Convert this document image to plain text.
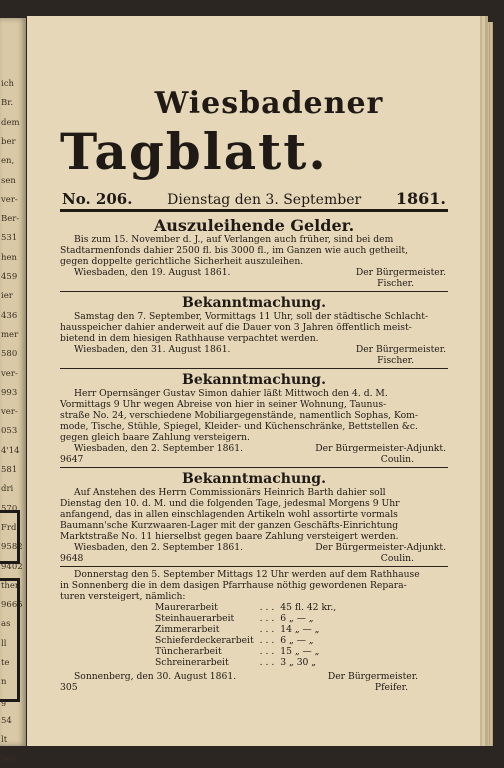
ich
Br.
dem
ber
en,
sen
ver-
Ber-
531
hen
459
ier
436
mer
580
ver-
993
ver-
053
4'14
581
dri
570
Frd
9582
9402
then
9665
as
ll
te
n
g
54
lt
966
Wiesbadener
Tagblatt.
No. 206. Dienstag den 3. September 1861.
Auszuleihende Gelder.
Bis zum 15. November d. J., auf Verlangen auch früher, sind bei dem
Stadtarmenfonds dahier 2500 fl. bis 3000 fl., im Ganzen wie auch getheilt,
gegen doppelte gerichtliche Sicherheit auszuleihen.
Wiesbaden, den 19. August 1861.	Der Bürgermeister.
Fischer.
Bekanntmachung.
Samstag den 7. September, Vormittags 11 Uhr, soll der städtische Schlacht-
hausspeicher dahier anderweit auf die Dauer von 3 Jahren öffentlich meist-
bietend in dem hiesigen Rathhause verpachtet werden.
Wiesbaden, den 31. August 1861.	Der Bürgermeister.
Fischer.
Bekanntmachung.
Herr Opernsänger Gustav Simon dahier läßt Mittwoch den 4. d. M.
Vormittags 9 Uhr wegen Abreise von hier in seiner Wohnung, Taunus-
straße No. 24, verschiedene Mobiliargegenstände, namentlich Sophas, Kom-
mode, Tische, Stühle, Spiegel, Kleider- und Küchenschränke, Bettstellen &c.
gegen gleich baare Zahlung versteigern.
Wiesbaden, den 2. September 1861.	Der Bürgermeister-Adjunkt.
9647	Coulin.
Bekanntmachung.
Auf Anstehen des Herrn Commissionärs Heinrich Barth dahier soll
Dienstag den 10. d. M. und die folgenden Tage, jedesmal Morgens 9 Uhr
anfangend, das in allen einschlagenden Artikeln wohl assortirte vormals
Baumann'sche Kurzwaaren-Lager mit der ganzen Geschäfts-Einrichtung
Marktstraße No. 11 hierselbst gegen baare Zahlung versteigert werden.
Wiesbaden, den 2. September 1861.	Der Bürgermeister-Adjunkt.
9648	Coulin.
Donnerstag den 5. September Mittags 12 Uhr werden auf dem Rathhause
in Sonnenberg die in dem dasigen Pfarrhause nöthig gewordenen Repara-
turen versteigert, nämlich:
Maurerarbeit	. . .	45 fl. 42 kr.,
Steinhauerarbeit	. . .	6 „ — „
Zimmerarbeit	. . .	14 „ — „
Schieferdeckerarbeit	. . .	6 „ — „
Tüncherarbeit	. . .	15 „ — „
Schreinerarbeit	. . .	3 „ 30 „
Sonnenberg, den 30. August 1861.	Der Bürgermeister.
305	Pfeifer.
